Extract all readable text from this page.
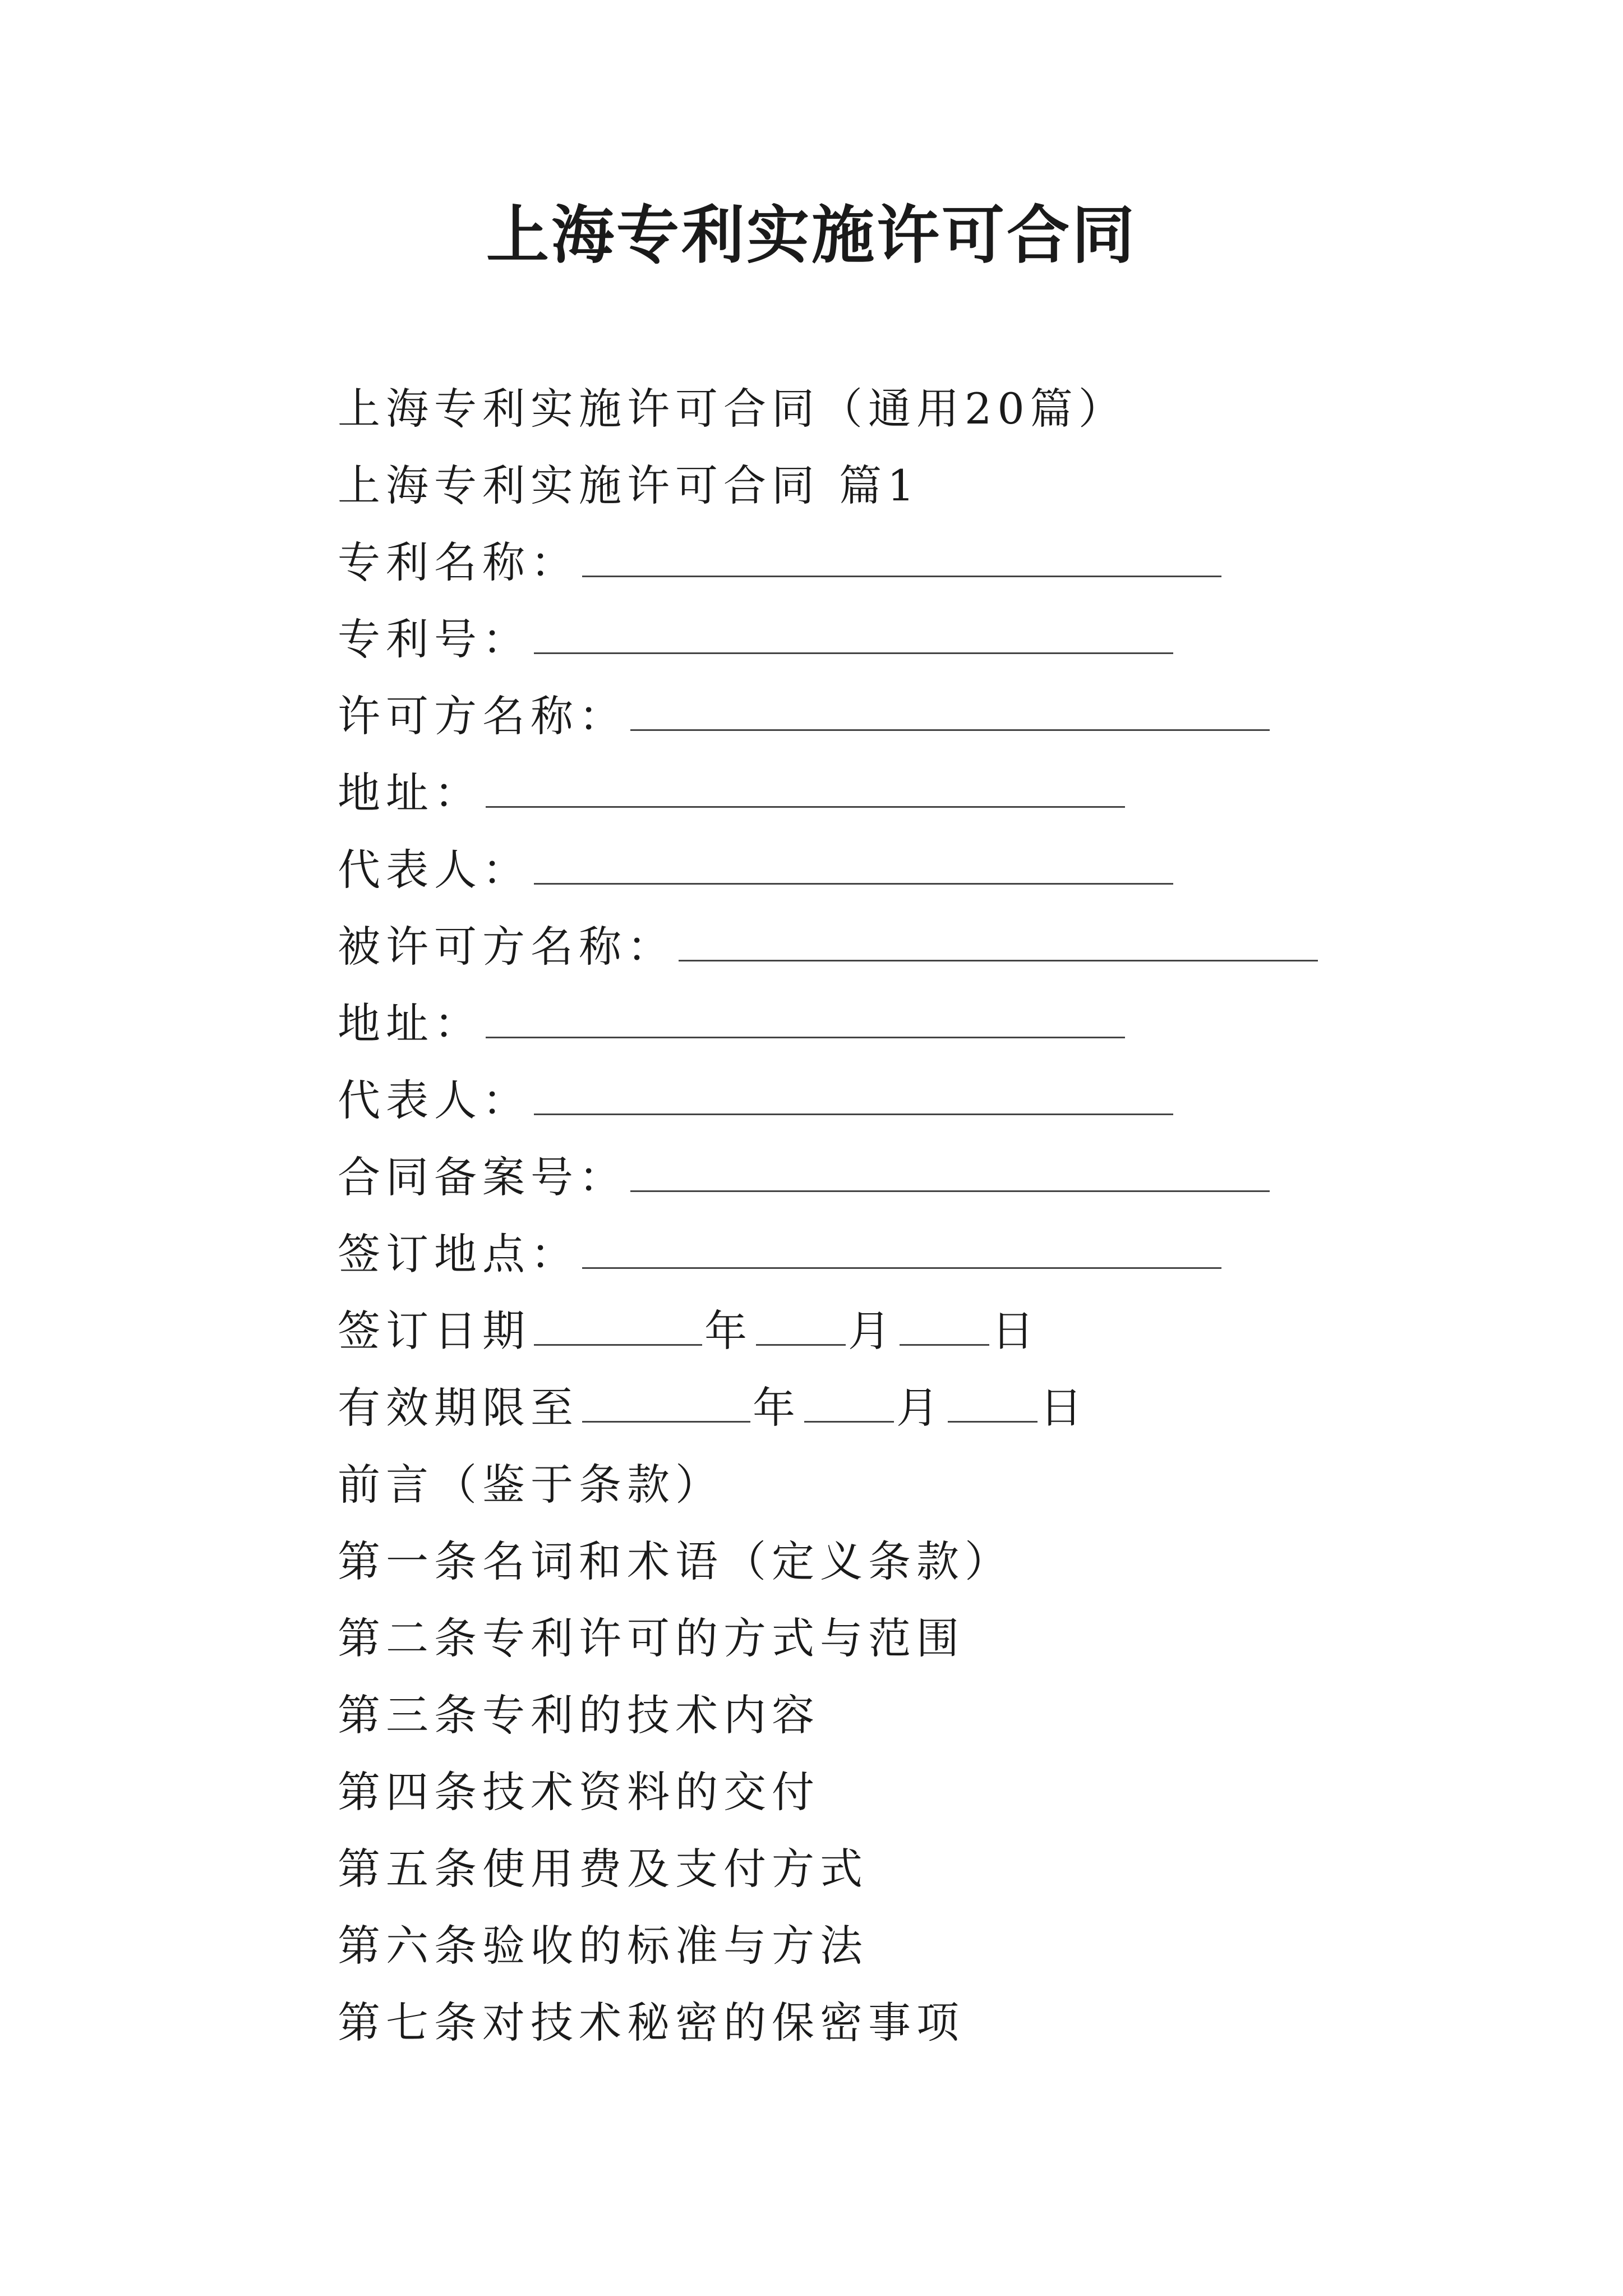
上海专利实施许可合同
上海专利实施许可合同（通用20篇）
上海专利实施许可合同 篇1
专利名称：
专利号：
许可方名称：
地址：
代表人：
被许可方名称：
地址：
代表人：
合同备案号：
签订地点：
签订日期	年 月 日
有效期限至	年 月 日
前言（鉴于条款）
第一条名词和术语（定义条款）
第二条专利许可的方式与范围
第三条专利的技术内容
第四条技术资料的交付
第五条使用费及支付方式
第六条验收的标准与方法
第七条对技术秘密的保密事项
